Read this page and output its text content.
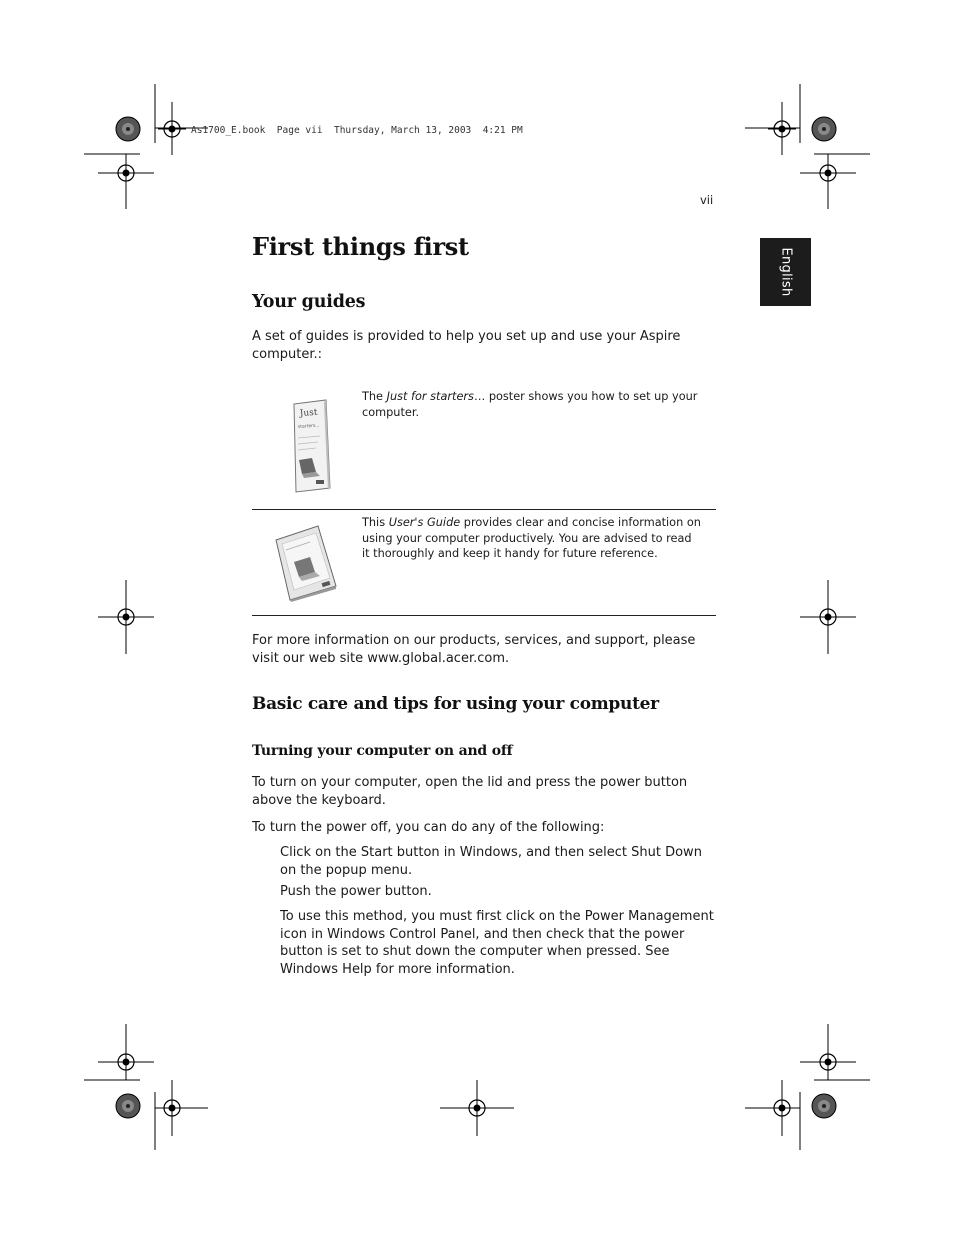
As1700_E.book  Page vii  Thursday, March 13, 2003  4:21 PM
vii
English
First things first
Your guides
A set of guides is provided to help you set up and use your Aspire
computer.:
Just
starters...
The Just for starters… poster shows you how to set up your
computer.
This User's Guide provides clear and concise information on
using your computer productively. You are advised to read
it thoroughly and keep it handy for future reference.
For more information on our products, services, and support, please
visit our web site www.global.acer.com.
Basic care and tips for using your computer
Turning your computer on and off
To turn on your computer, open the lid and press the power button
above the keyboard.
To turn the power off, you can do any of the following:
Click on the Start button in Windows, and then select Shut Down
on the popup menu.
Push the power button.
To use this method, you must first click on the Power Management
icon in Windows Control Panel, and then check that the power
button is set to shut down the computer when pressed. See
Windows Help for more information.
